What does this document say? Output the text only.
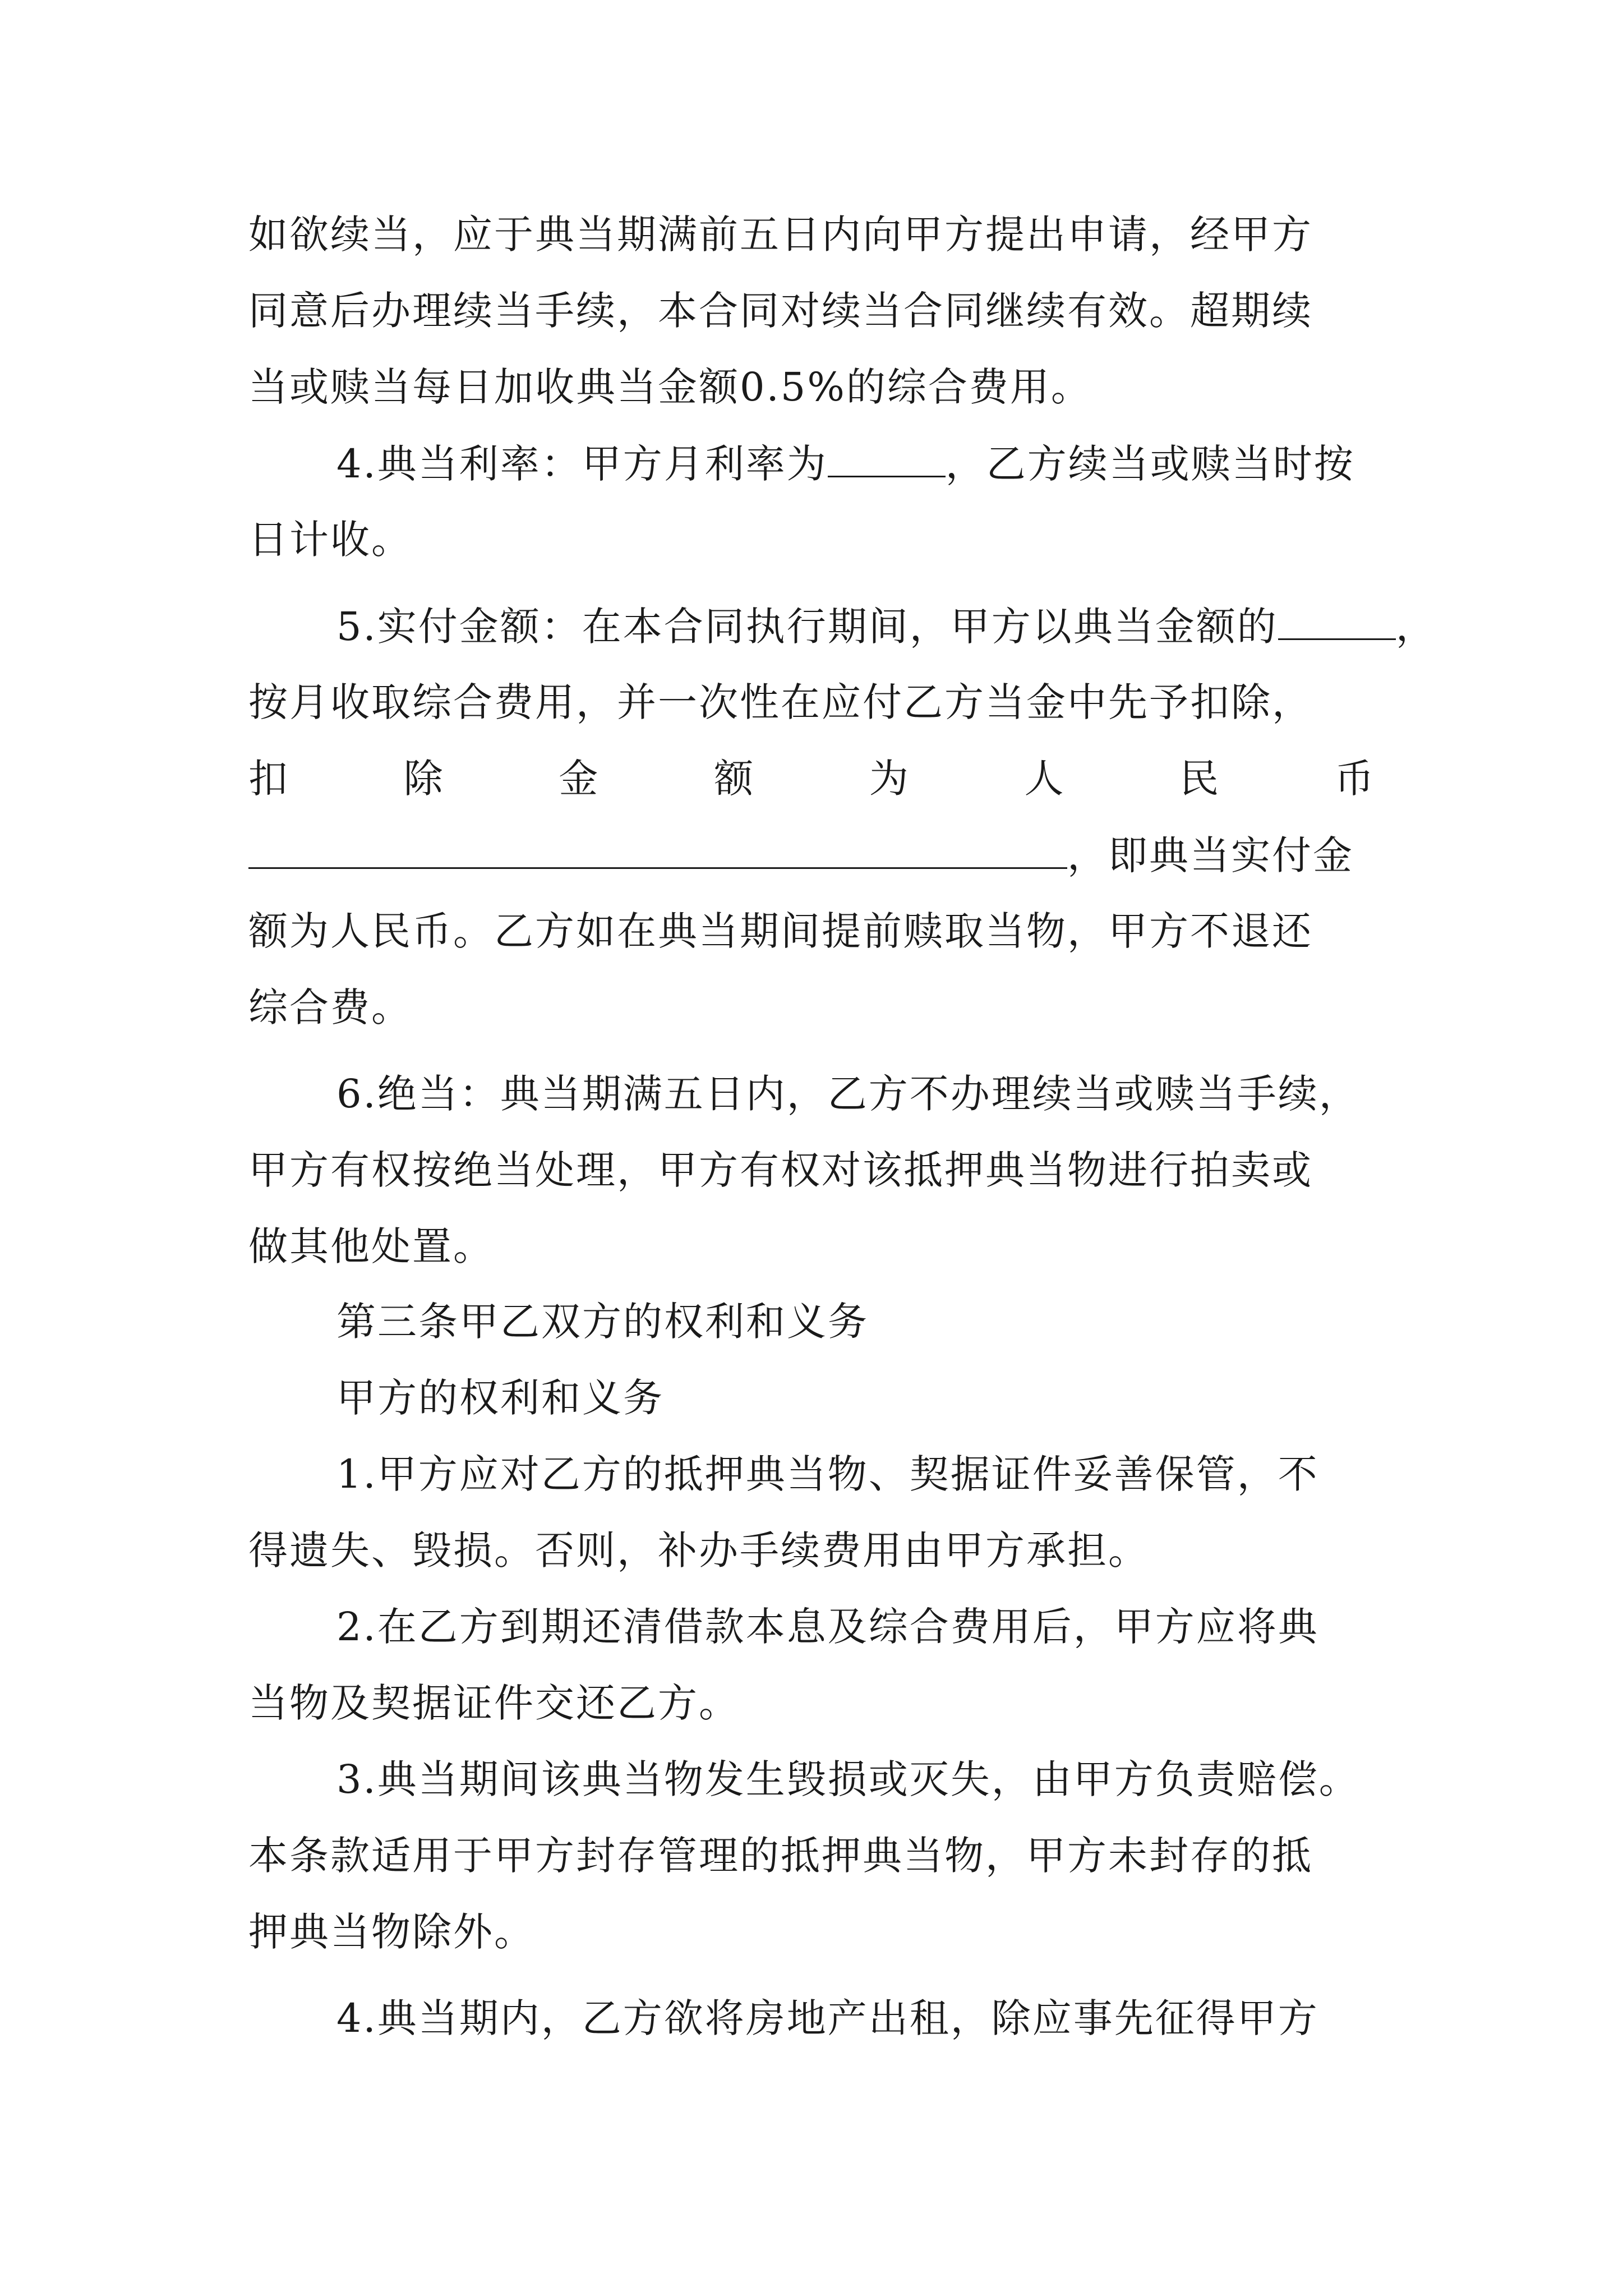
如欲续当，应于典当期满前五日内向甲方提出申请，经甲方
同意后办理续当手续，本合同对续当合同继续有效。超期续
当或赎当每日加收典当金额0.5%的综合费用。
4.典当利率：甲方月利率为	，乙方续当或赎当时按
日计收。
5.实付金额：在本合同执行期间，甲方以典当金额的	，
按月收取综合费用，并一次性在应付乙方当金中先予扣除，
扣	除	金	额	为	人	民	币
，即典当实付金
额为人民币。乙方如在典当期间提前赎取当物，甲方不退还
综合费。
6.绝当：典当期满五日内，乙方不办理续当或赎当手续，
甲方有权按绝当处理，甲方有权对该抵押典当物进行拍卖或
做其他处置。
第三条甲乙双方的权利和义务
甲方的权利和义务
1.甲方应对乙方的抵押典当物、契据证件妥善保管，不
得遗失、毁损。否则，补办手续费用由甲方承担。
2.在乙方到期还清借款本息及综合费用后，甲方应将典
当物及契据证件交还乙方。
3.典当期间该典当物发生毁损或灭失，由甲方负责赔偿。
本条款适用于甲方封存管理的抵押典当物，甲方未封存的抵
押典当物除外。
4.典当期内，乙方欲将房地产出租，除应事先征得甲方
